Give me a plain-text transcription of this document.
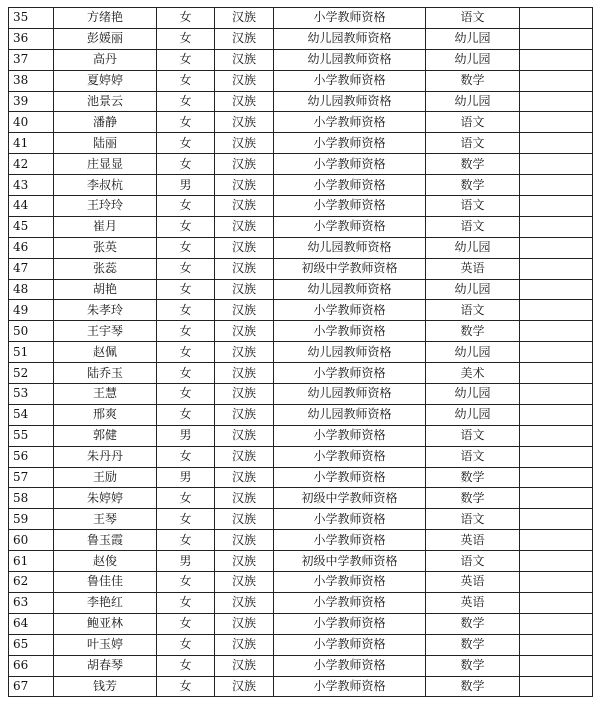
35	方绪艳	女	汉族	小学教师资格	语文	
36	彭媛丽	女	汉族	幼儿园教师资格	幼儿园	
37	高丹	女	汉族	幼儿园教师资格	幼儿园	
38	夏婷婷	女	汉族	小学教师资格	数学	
39	池景云	女	汉族	幼儿园教师资格	幼儿园	
40	潘静	女	汉族	小学教师资格	语文	
41	陆丽	女	汉族	小学教师资格	语文	
42	庄显显	女	汉族	小学教师资格	数学	
43	李叔杭	男	汉族	小学教师资格	数学	
44	王玲玲	女	汉族	小学教师资格	语文	
45	崔月	女	汉族	小学教师资格	语文	
46	张英	女	汉族	幼儿园教师资格	幼儿园	
47	张蕊	女	汉族	初级中学教师资格	英语	
48	胡艳	女	汉族	幼儿园教师资格	幼儿园	
49	朱孝玲	女	汉族	小学教师资格	语文	
50	王宇琴	女	汉族	小学教师资格	数学	
51	赵佩	女	汉族	幼儿园教师资格	幼儿园	
52	陆乔玉	女	汉族	小学教师资格	美术	
53	王慧	女	汉族	幼儿园教师资格	幼儿园	
54	邢爽	女	汉族	幼儿园教师资格	幼儿园	
55	郭健	男	汉族	小学教师资格	语文	
56	朱丹丹	女	汉族	小学教师资格	语文	
57	王励	男	汉族	小学教师资格	数学	
58	朱婷婷	女	汉族	初级中学教师资格	数学	
59	王琴	女	汉族	小学教师资格	语文	
60	鲁玉霞	女	汉族	小学教师资格	英语	
61	赵俊	男	汉族	初级中学教师资格	语文	
62	鲁佳佳	女	汉族	小学教师资格	英语	
63	李艳红	女	汉族	小学教师资格	英语	
64	鲍亚林	女	汉族	小学教师资格	数学	
65	叶玉婷	女	汉族	小学教师资格	数学	
66	胡春琴	女	汉族	小学教师资格	数学	
67	钱芳	女	汉族	小学教师资格	数学	
